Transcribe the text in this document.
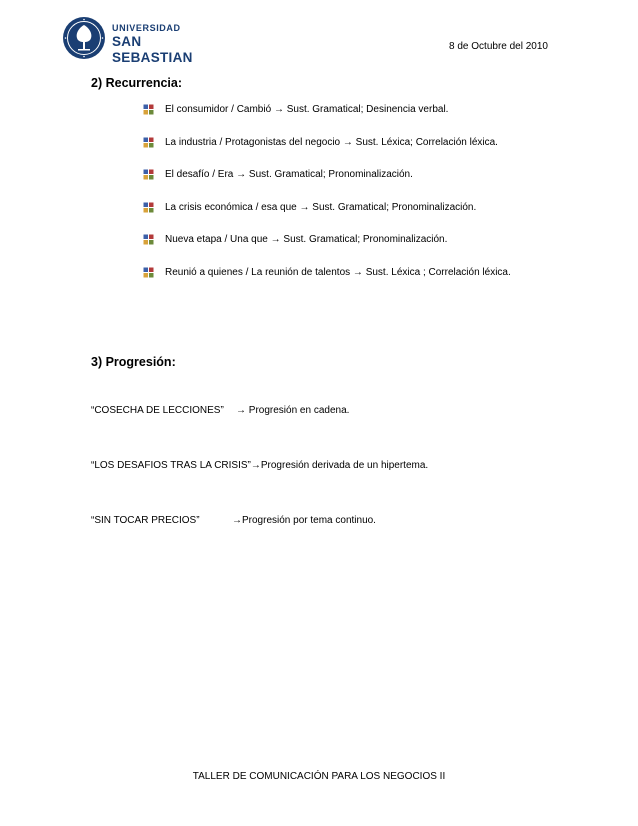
UNIVERSIDAD
SAN SEBASTIAN
8 de Octubre del 2010
2) Recurrencia:
El consumidor / Cambió → Sust. Gramatical; Desinencia verbal.
La industria / Protagonistas del negocio → Sust. Léxica; Correlación léxica.
El desafío / Era → Sust. Gramatical; Pronominalización.
La crisis económica / esa que → Sust. Gramatical; Pronominalización.
Nueva etapa / Una que → Sust. Gramatical; Pronominalización.
Reunió a quienes / La reunión de talentos → Sust. Léxica ; Correlación léxica.
3) Progresión:
“COSECHA DE LECCIONES” → Progresión en cadena.
“LOS DESAFIOS TRAS LA CRISIS”→Progresión derivada de un hipertema.
“SIN TOCAR PRECIOS”	→Progresión por tema continuo.
TALLER DE COMUNICACIÓN PARA LOS NEGOCIOS II
